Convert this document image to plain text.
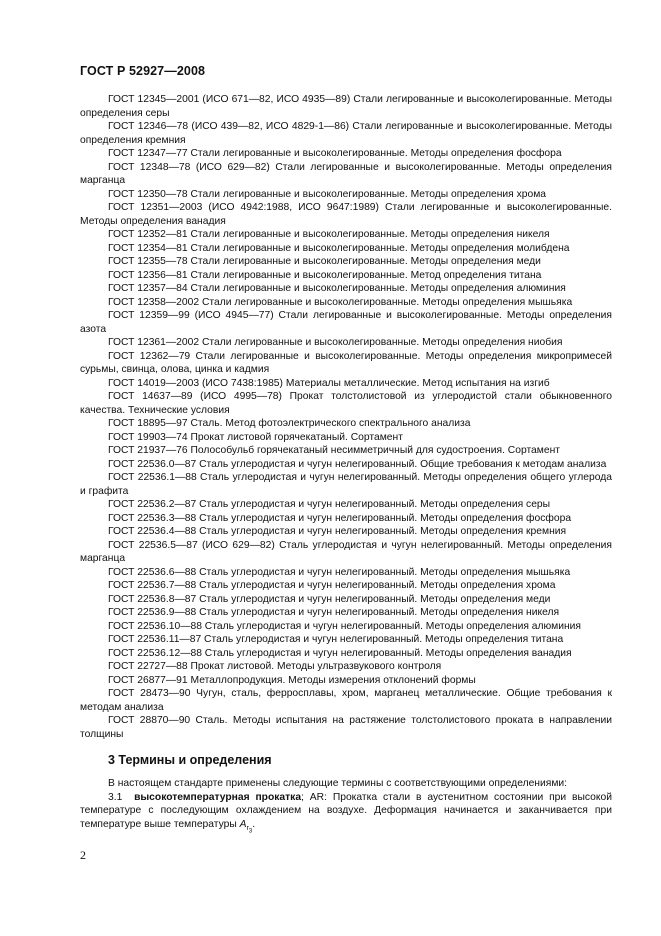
ГОСТ Р 52927—2008

ГОСТ 12345—2001 (ИСО 671—82, ИСО 4935—89) Стали легированные и высоколегированные. Методы определения серы

ГОСТ 12346—78 (ИСО 439—82, ИСО 4829-1—86) Стали легированные и высоколегированные. Методы определения кремния

ГОСТ 12347—77 Стали легированные и высоколегированные. Методы определения фосфора

ГОСТ 12348—78 (ИСО 629—82) Стали легированные и высоколегированные. Методы определения марганца

ГОСТ 12350—78 Стали легированные и высоколегированные. Методы определения хрома

ГОСТ 12351—2003 (ИСО 4942:1988, ИСО 9647:1989) Стали легированные и высоколегированные. Методы определения ванадия

ГОСТ 12352—81 Стали легированные и высоколегированные. Методы определения никеля

ГОСТ 12354—81 Стали легированные и высоколегированные. Методы определения молибдена

ГОСТ 12355—78 Стали легированные и высоколегированные. Методы определения меди

ГОСТ 12356—81 Стали легированные и высоколегированные. Метод определения титана

ГОСТ 12357—84 Стали легированные и высоколегированные. Методы определения алюминия

ГОСТ 12358—2002 Стали легированные и высоколегированные. Методы определения мышьяка

ГОСТ 12359—99 (ИСО 4945—77) Стали легированные и высоколегированные. Методы определения азота

ГОСТ 12361—2002 Стали легированные и высоколегированные. Методы определения ниобия

ГОСТ 12362—79 Стали легированные и высоколегированные. Методы определения микропримесей сурьмы, свинца, олова, цинка и кадмия

ГОСТ 14019—2003 (ИСО 7438:1985) Материалы металлические. Метод испытания на изгиб

ГОСТ 14637—89 (ИСО 4995—78) Прокат толстолистовой из углеродистой стали обыкновенного качества. Технические условия

ГОСТ 18895—97 Сталь. Метод фотоэлектрического спектрального анализа

ГОСТ 19903—74 Прокат листовой горячекатаный. Сортамент

ГОСТ 21937—76 Полособульб горячекатаный несимметричный для судостроения. Сортамент

ГОСТ 22536.0—87 Сталь углеродистая и чугун нелегированный. Общие требования к методам анализа

ГОСТ 22536.1—88 Сталь углеродистая и чугун нелегированный. Методы определения общего углерода и графита

ГОСТ 22536.2—87 Сталь углеродистая и чугун нелегированный. Методы определения серы

ГОСТ 22536.3—88 Сталь углеродистая и чугун нелегированный. Методы определения фосфора

ГОСТ 22536.4—88 Сталь углеродистая и чугун нелегированный. Методы определения кремния

ГОСТ 22536.5—87 (ИСО 629—82) Сталь углеродистая и чугун нелегированный. Методы определения марганца

ГОСТ 22536.6—88 Сталь углеродистая и чугун нелегированный. Методы определения мышьяка

ГОСТ 22536.7—88 Сталь углеродистая и чугун нелегированный. Методы определения хрома

ГОСТ 22536.8—87 Сталь углеродистая и чугун нелегированный. Методы определения меди

ГОСТ 22536.9—88 Сталь углеродистая и чугун нелегированный. Методы определения никеля

ГОСТ 22536.10—88 Сталь углеродистая и чугун нелегированный. Методы определения алюминия

ГОСТ 22536.11—87 Сталь углеродистая и чугун нелегированный. Методы определения титана

ГОСТ 22536.12—88 Сталь углеродистая и чугун нелегированный. Методы определения ванадия

ГОСТ 22727—88 Прокат листовой. Методы ультразвукового контроля

ГОСТ 26877—91 Металлопродукция. Методы измерения отклонений формы

ГОСТ 28473—90 Чугун, сталь, ферросплавы, хром, марганец металлические. Общие требования к методам анализа

ГОСТ 28870—90 Сталь. Методы испытания на растяжение толстолистового проката в направлении толщины

3 Термины и определения

В настоящем стандарте применены следующие термины с соответствующими определениями:

3.1 высокотемпературная прокатка; AR: Прокатка стали в аустенитном состоянии при высокой температуре с последующим охлаждением на воздухе. Деформация начинается и заканчивается при температуре выше температуры $A_{r_3}$.

2
